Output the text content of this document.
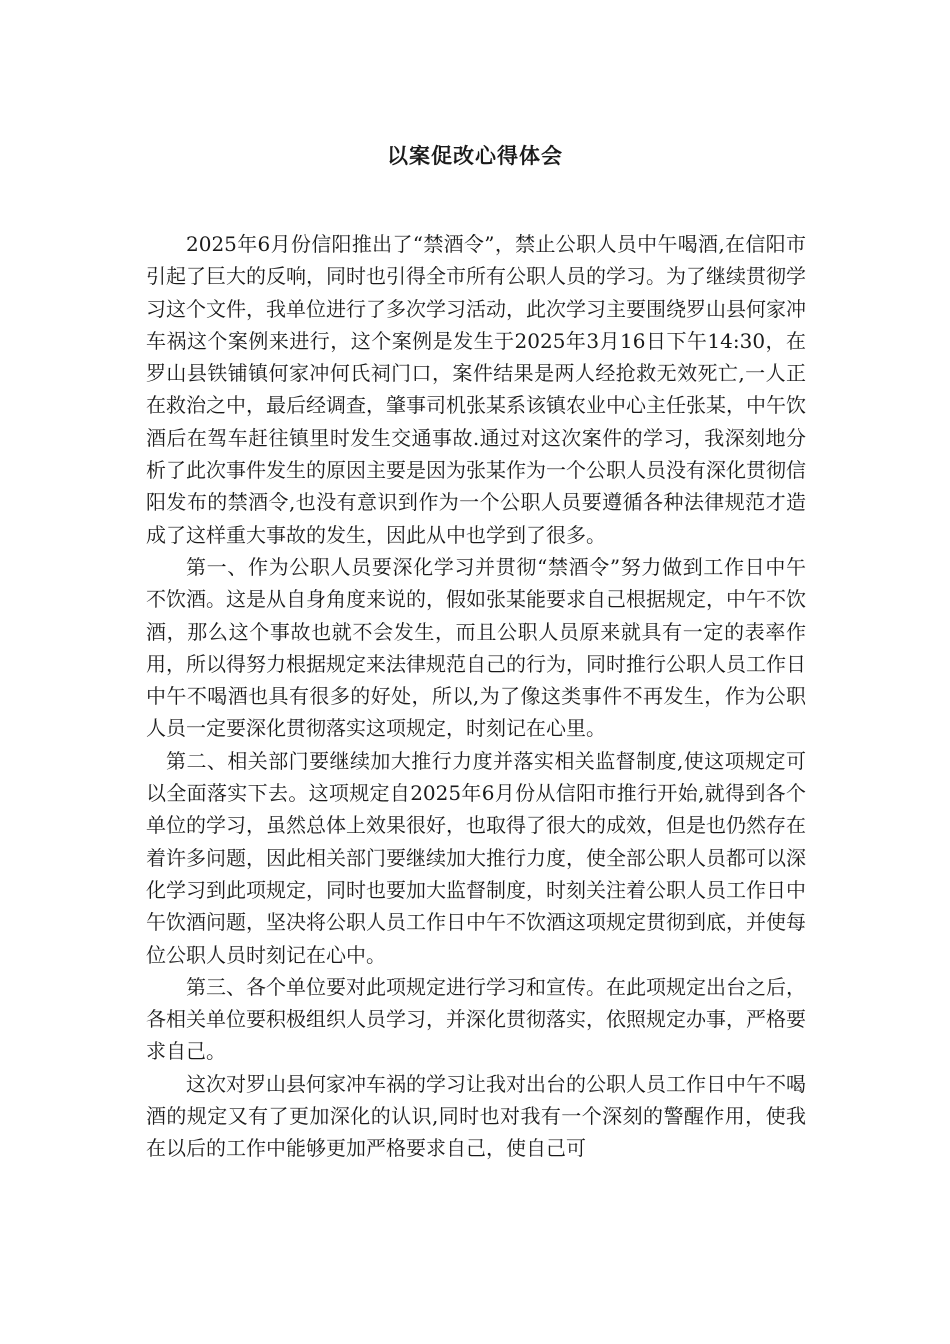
以案促改心得体会

2025年6月份信阳推出了“禁酒令”，禁止公职人员中午喝酒,在信阳市引起了巨大的反响，同时也引得全市所有公职人员的学习。为了继续贯彻学习这个文件，我单位进行了多次学习活动，此次学习主要围绕罗山县何家冲车祸这个案例来进行，这个案例是发生于2025年3月16日下午14:30，在罗山县铁铺镇何家冲何氏祠门口，案件结果是两人经抢救无效死亡,一人正在救治之中，最后经调查，肇事司机张某系该镇农业中心主任张某，中午饮酒后在驾车赶往镇里时发生交通事故.通过对这次案件的学习，我深刻地分析了此次事件发生的原因主要是因为张某作为一个公职人员没有深化贯彻信阳发布的禁酒令,也没有意识到作为一个公职人员要遵循各种法律规范才造成了这样重大事故的发生，因此从中也学到了很多。

第一、作为公职人员要深化学习并贯彻“禁酒令”努力做到工作日中午不饮酒。这是从自身角度来说的，假如张某能要求自己根据规定，中午不饮酒，那么这个事故也就不会发生，而且公职人员原来就具有一定的表率作用，所以得努力根据规定来法律规范自己的行为，同时推行公职人员工作日中午不喝酒也具有很多的好处，所以,为了像这类事件不再发生，作为公职人员一定要深化贯彻落实这项规定，时刻记在心里。

第二、相关部门要继续加大推行力度并落实相关监督制度,使这项规定可以全面落实下去。这项规定自2025年6月份从信阳市推行开始,就得到各个单位的学习，虽然总体上效果很好，也取得了很大的成效，但是也仍然存在着许多问题，因此相关部门要继续加大推行力度，使全部公职人员都可以深化学习到此项规定，同时也要加大监督制度，时刻关注着公职人员工作日中午饮酒问题，坚决将公职人员工作日中午不饮酒这项规定贯彻到底，并使每位公职人员时刻记在心中。

第三、各个单位要对此项规定进行学习和宣传。在此项规定出台之后，各相关单位要积极组织人员学习，并深化贯彻落实，依照规定办事，严格要求自己。

这次对罗山县何家冲车祸的学习让我对出台的公职人员工作日中午不喝酒的规定又有了更加深化的认识,同时也对我有一个深刻的警醒作用，使我在以后的工作中能够更加严格要求自己，使自己可
